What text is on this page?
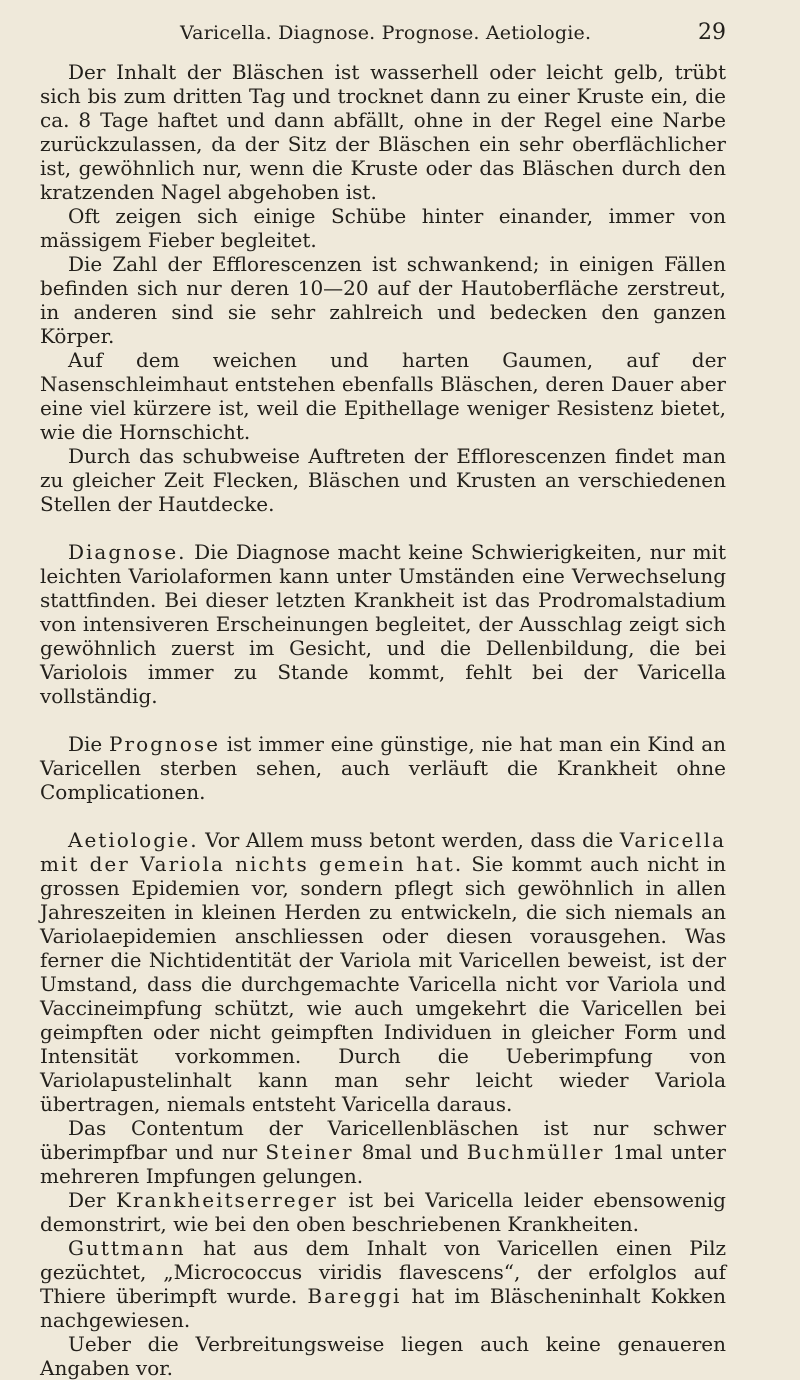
Varicella. Diagnose. Prognose. Aetiologie.	29

Der Inhalt der Bläschen ist wasserhell oder leicht gelb, trübt sich bis zum dritten Tag und trocknet dann zu einer Kruste ein, die ca. 8 Tage haftet und dann abfällt, ohne in der Regel eine Narbe zurückzulassen, da der Sitz der Bläschen ein sehr oberflächlicher ist, gewöhnlich nur, wenn die Kruste oder das Bläschen durch den kratzenden Nagel abgehoben ist.

Oft zeigen sich einige Schübe hinter einander, immer von mässigem Fieber begleitet.

Die Zahl der Efflorescenzen ist schwankend; in einigen Fällen befinden sich nur deren 10—20 auf der Hautoberfläche zerstreut, in anderen sind sie sehr zahlreich und bedecken den ganzen Körper.

Auf dem weichen und harten Gaumen, auf der Nasenschleimhaut entstehen ebenfalls Bläschen, deren Dauer aber eine viel kürzere ist, weil die Epithellage weniger Resistenz bietet, wie die Hornschicht.

Durch das schubweise Auftreten der Efflorescenzen findet man zu gleicher Zeit Flecken, Bläschen und Krusten an verschiedenen Stellen der Hautdecke.

Diagnose. Die Diagnose macht keine Schwierigkeiten, nur mit leichten Variolaformen kann unter Umständen eine Verwechselung stattfinden. Bei dieser letzten Krankheit ist das Prodromalstadium von intensiveren Erscheinungen begleitet, der Ausschlag zeigt sich gewöhnlich zuerst im Gesicht, und die Dellenbildung, die bei Variolois immer zu Stande kommt, fehlt bei der Varicella vollständig.

Die Prognose ist immer eine günstige, nie hat man ein Kind an Varicellen sterben sehen, auch verläuft die Krankheit ohne Complicationen.

Aetiologie. Vor Allem muss betont werden, dass die Varicella mit der Variola nichts gemein hat. Sie kommt auch nicht in grossen Epidemien vor, sondern pflegt sich gewöhnlich in allen Jahreszeiten in kleinen Herden zu entwickeln, die sich niemals an Variolaepidemien anschliessen oder diesen vorausgehen. Was ferner die Nichtidentität der Variola mit Varicellen beweist, ist der Umstand, dass die durchgemachte Varicella nicht vor Variola und Vaccineimpfung schützt, wie auch umgekehrt die Varicellen bei geimpften oder nicht geimpften Individuen in gleicher Form und Intensität vorkommen. Durch die Ueberimpfung von Variolapustelinhalt kann man sehr leicht wieder Variola übertragen, niemals entsteht Varicella daraus.

Das Contentum der Varicellenbläschen ist nur schwer überimpfbar und nur Steiner 8mal und Buchmüller 1mal unter mehreren Impfungen gelungen.

Der Krankheitserreger ist bei Varicella leider ebensowenig demonstrirt, wie bei den oben beschriebenen Krankheiten.

Guttmann hat aus dem Inhalt von Varicellen einen Pilz gezüchtet, „Micrococcus viridis flavescens“, der erfolglos auf Thiere überimpft wurde. Bareggi hat im Bläscheninhalt Kokken nachgewiesen.

Ueber die Verbreitungsweise liegen auch keine genaueren Angaben vor.
